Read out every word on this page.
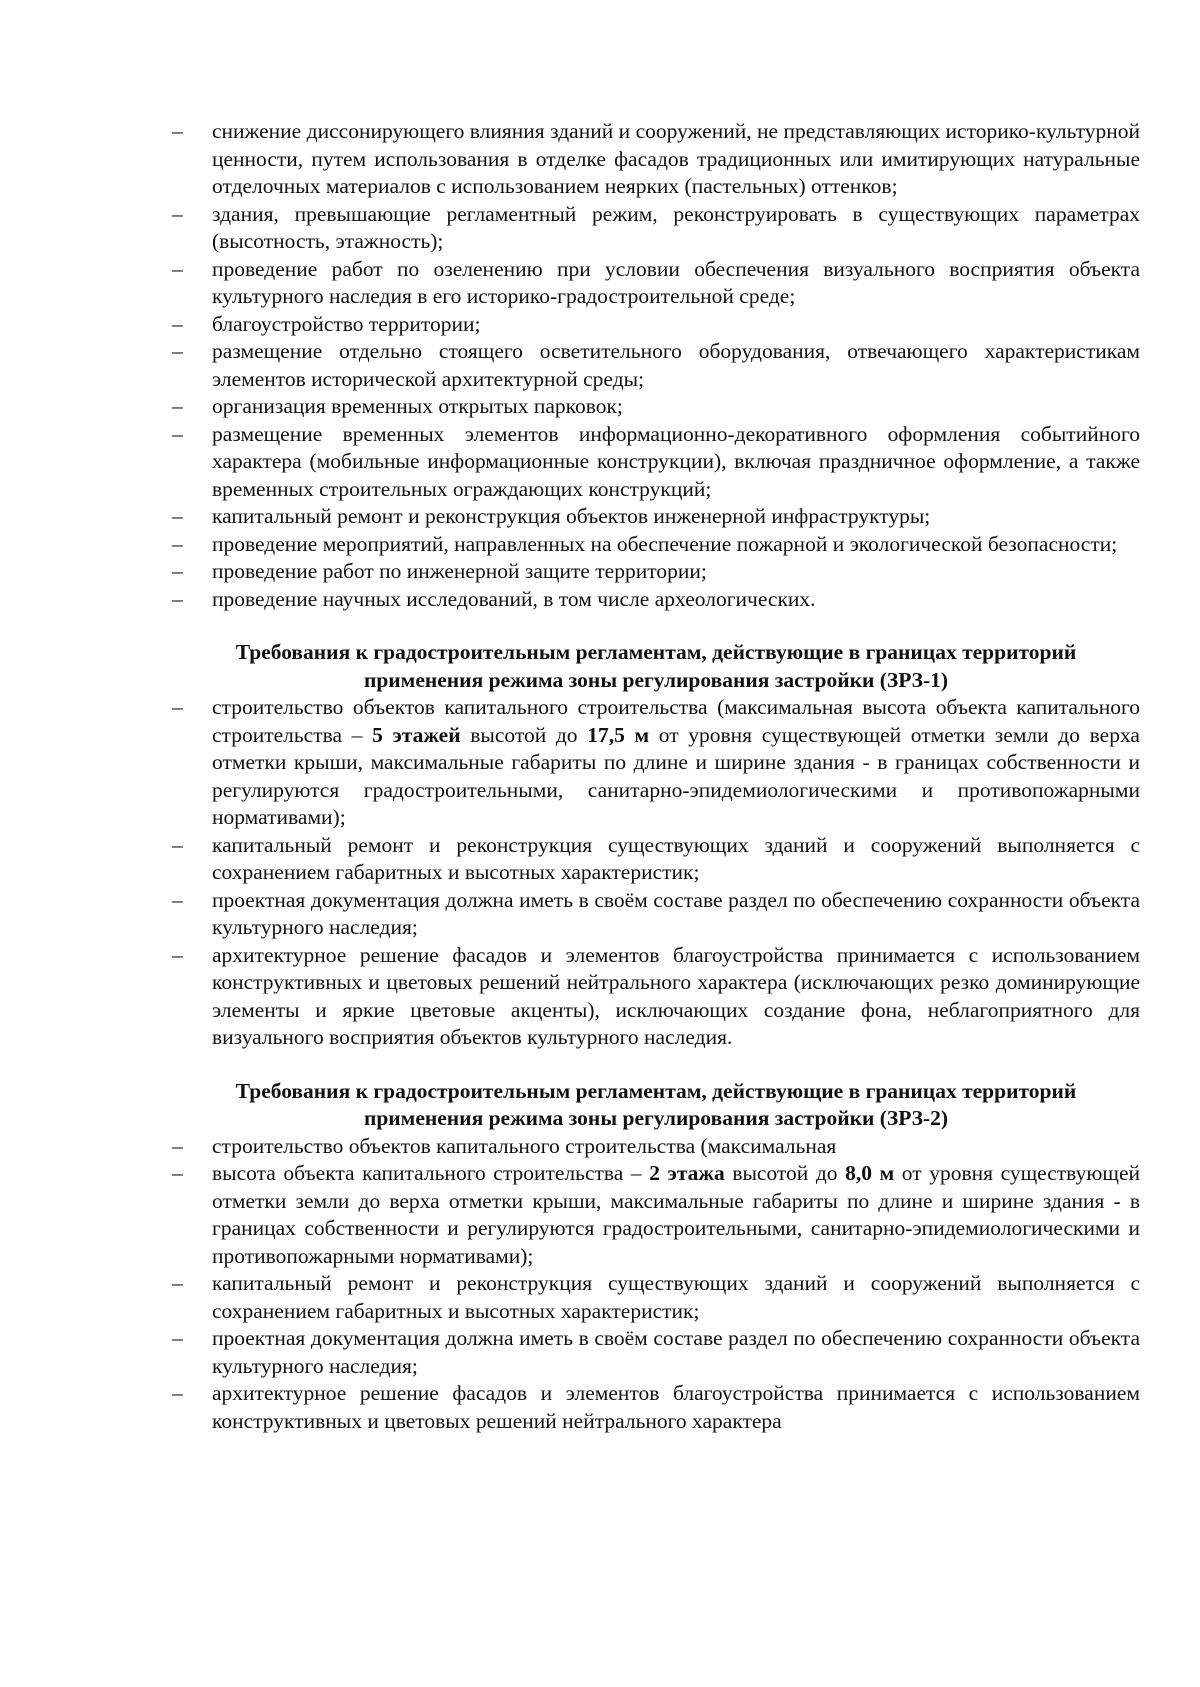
–	снижение диссонирующего влияния зданий и сооружений, не представляющих историко-культурной ценности, путем использования в отделке фасадов традиционных или имитирующих натуральные отделочных материалов с использованием неярких (пастельных) оттенков;
–	здания, превышающие регламентный режим, реконструировать в существующих параметрах (высотность, этажность);
–	проведение работ по озеленению при условии обеспечения визуального восприятия объекта культурного наследия в его историко-градостроительной среде;
–	благоустройство территории;
–	размещение отдельно стоящего осветительного оборудования, отвечающего характеристикам элементов исторической архитектурной среды;
–	организация временных открытых парковок;
–	размещение временных элементов информационно-декоративного оформления событийного характера (мобильные информационные конструкции), включая праздничное оформление, а также временных строительных ограждающих конструкций;
–	капитальный ремонт и реконструкция объектов инженерной инфраструктуры;
–	проведение мероприятий, направленных на обеспечение пожарной и экологической безопасности;
–	проведение работ по инженерной защите территории;
–	проведение научных исследований, в том числе археологических.
Требования к градостроительным регламентам, действующие в границах территорий
применения режима зоны регулирования застройки (ЗРЗ-1)
–	строительство объектов капитального строительства (максимальная высота объекта капитального строительства – 5 этажей высотой до 17,5 м от уровня существующей отметки земли до верха отметки крыши, максимальные габариты по длине и ширине здания - в границах собственности и регулируются градостроительными, санитарно-эпидемиологическими и противопожарными нормативами);
–	капитальный ремонт и реконструкция существующих зданий и сооружений выполняется с сохранением габаритных и высотных характеристик;
–	проектная документация должна иметь в своём составе раздел по обеспечению сохранности объекта культурного наследия;
–	архитектурное решение фасадов и элементов благоустройства принимается с использованием конструктивных и цветовых решений нейтрального характера (исключающих резко доминирующие элементы и яркие цветовые акценты), исключающих создание фона, неблагоприятного для визуального восприятия объектов культурного наследия.
Требования к градостроительным регламентам, действующие в границах территорий
применения режима зоны регулирования застройки (ЗРЗ-2)
–	строительство объектов капитального строительства (максимальная
–	высота объекта капитального строительства – 2 этажа высотой до 8,0 м от уровня существующей отметки земли до верха отметки крыши, максимальные габариты по длине и ширине здания - в границах собственности и регулируются градостроительными, санитарно-эпидемиологическими и противопожарными нормативами);
–	капитальный ремонт и реконструкция существующих зданий и сооружений выполняется с сохранением габаритных и высотных характеристик;
–	проектная документация должна иметь в своём составе раздел по обеспечению сохранности объекта культурного наследия;
–	архитектурное решение фасадов и элементов благоустройства принимается с использованием конструктивных и цветовых решений нейтрального характера
